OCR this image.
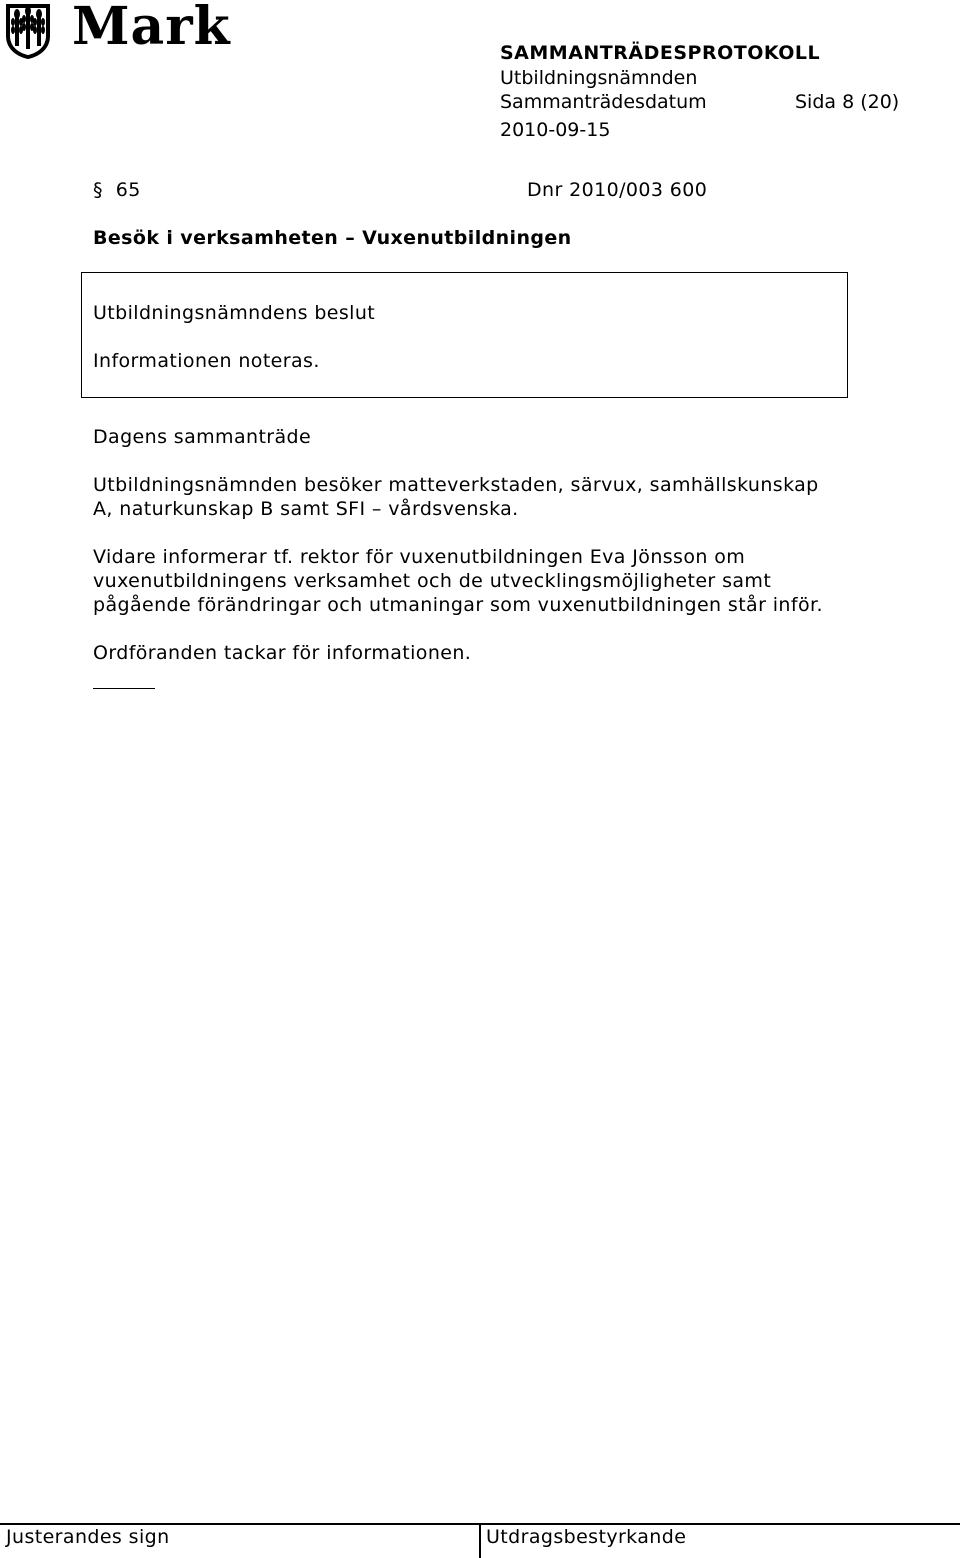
Mark	SAMMANTRÄDESPROTOKOLL
Utbildningsnämnden
Sammanträdesdatum	Sida 8 (20)
2010-09-15
§ 65	Dnr 2010/003 600
Besök i verksamheten – Vuxenutbildningen
Utbildningsnämndens beslut
Informationen noteras.
Dagens sammanträde
Utbildningsnämnden besöker matteverkstaden, särvux, samhällskunskap
A, naturkunskap B samt SFI – vårdsvenska.
Vidare informerar tf. rektor för vuxenutbildningen Eva Jönsson om
vuxenutbildningens verksamhet och de utvecklingsmöjligheter samt
pågående förändringar och utmaningar som vuxenutbildningen står inför.
Ordföranden tackar för informationen.
Justerandes sign	Utdragsbestyrkande
